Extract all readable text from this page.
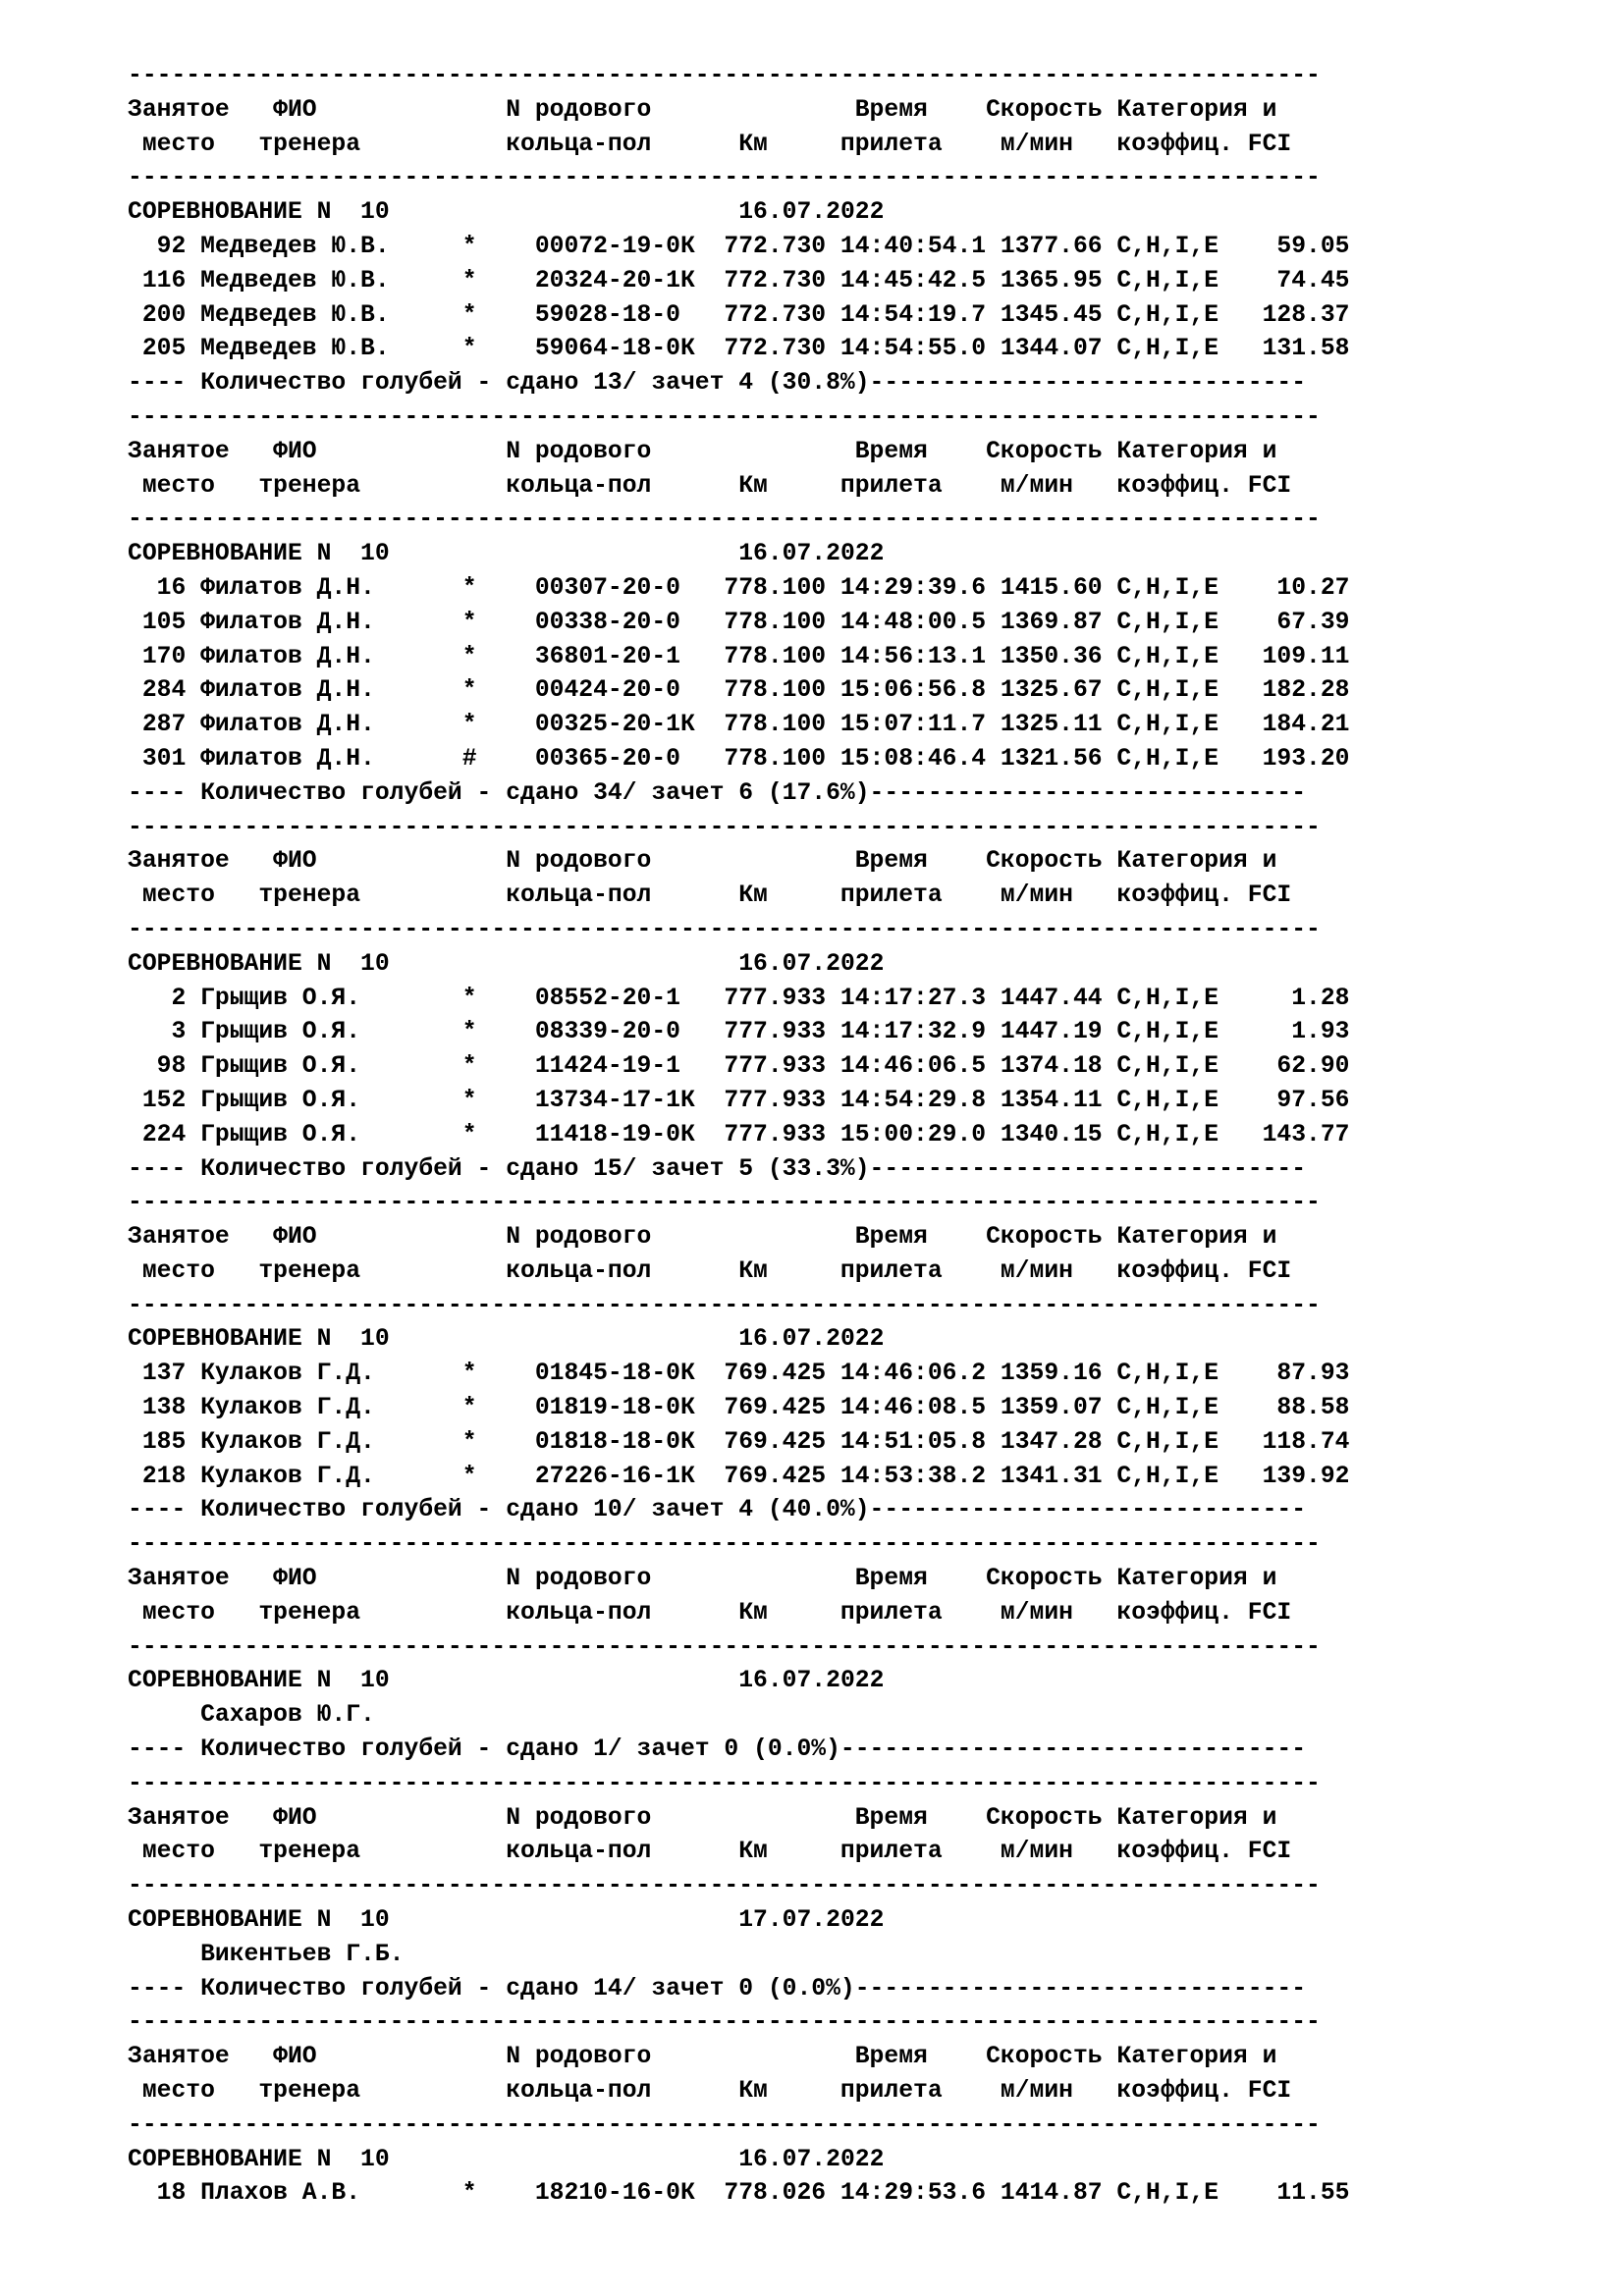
----------------------------------------------------------------------------------
Занятое   ФИО             N родового              Время    Скорость Категория и
место   тренера          кольца-пол      Км     прилета    м/мин   коэффиц. FCI
----------------------------------------------------------------------------------
СОРЕВНОВАНИЕ N  10                        16.07.2022
92 Медведев Ю.В.     *    00072-19-0К  772.730 14:40:54.1 1377.66 C,H,I,E    59.05
116 Медведев Ю.В.     *    20324-20-1К  772.730 14:45:42.5 1365.95 C,H,I,E    74.45
200 Медведев Ю.В.     *    59028-18-0   772.730 14:54:19.7 1345.45 C,H,I,E   128.37
205 Медведев Ю.В.     *    59064-18-0К  772.730 14:54:55.0 1344.07 C,H,I,E   131.58
---- Количество голубей - сдано 13/ зачет 4 (30.8%)------------------------------
----------------------------------------------------------------------------------
Занятое   ФИО             N родового              Время    Скорость Категория и
место   тренера          кольца-пол      Км     прилета    м/мин   коэффиц. FCI
----------------------------------------------------------------------------------
СОРЕВНОВАНИЕ N  10                        16.07.2022
16 Филатов Д.Н.      *    00307-20-0   778.100 14:29:39.6 1415.60 C,H,I,E    10.27
105 Филатов Д.Н.      *    00338-20-0   778.100 14:48:00.5 1369.87 C,H,I,E    67.39
170 Филатов Д.Н.      *    36801-20-1   778.100 14:56:13.1 1350.36 C,H,I,E   109.11
284 Филатов Д.Н.      *    00424-20-0   778.100 15:06:56.8 1325.67 C,H,I,E   182.28
287 Филатов Д.Н.      *    00325-20-1К  778.100 15:07:11.7 1325.11 C,H,I,E   184.21
301 Филатов Д.Н.      #    00365-20-0   778.100 15:08:46.4 1321.56 C,H,I,E   193.20
---- Количество голубей - сдано 34/ зачет 6 (17.6%)------------------------------
----------------------------------------------------------------------------------
Занятое   ФИО             N родового              Время    Скорость Категория и
место   тренера          кольца-пол      Км     прилета    м/мин   коэффиц. FCI
----------------------------------------------------------------------------------
СОРЕВНОВАНИЕ N  10                        16.07.2022
2 Грыщив О.Я.       *    08552-20-1   777.933 14:17:27.3 1447.44 C,H,I,E     1.28
3 Грыщив О.Я.       *    08339-20-0   777.933 14:17:32.9 1447.19 C,H,I,E     1.93
98 Грыщив О.Я.       *    11424-19-1   777.933 14:46:06.5 1374.18 C,H,I,E    62.90
152 Грыщив О.Я.       *    13734-17-1К  777.933 14:54:29.8 1354.11 C,H,I,E    97.56
224 Грыщив О.Я.       *    11418-19-0К  777.933 15:00:29.0 1340.15 C,H,I,E   143.77
---- Количество голубей - сдано 15/ зачет 5 (33.3%)------------------------------
----------------------------------------------------------------------------------
Занятое   ФИО             N родового              Время    Скорость Категория и
место   тренера          кольца-пол      Км     прилета    м/мин   коэффиц. FCI
----------------------------------------------------------------------------------
СОРЕВНОВАНИЕ N  10                        16.07.2022
137 Кулаков Г.Д.      *    01845-18-0К  769.425 14:46:06.2 1359.16 C,H,I,E    87.93
138 Кулаков Г.Д.      *    01819-18-0К  769.425 14:46:08.5 1359.07 C,H,I,E    88.58
185 Кулаков Г.Д.      *    01818-18-0К  769.425 14:51:05.8 1347.28 C,H,I,E   118.74
218 Кулаков Г.Д.      *    27226-16-1К  769.425 14:53:38.2 1341.31 C,H,I,E   139.92
---- Количество голубей - сдано 10/ зачет 4 (40.0%)------------------------------
----------------------------------------------------------------------------------
Занятое   ФИО             N родового              Время    Скорость Категория и
место   тренера          кольца-пол      Км     прилета    м/мин   коэффиц. FCI
----------------------------------------------------------------------------------
СОРЕВНОВАНИЕ N  10                        16.07.2022
Сахаров Ю.Г.
---- Количество голубей - сдано 1/ зачет 0 (0.0%)--------------------------------
----------------------------------------------------------------------------------
Занятое   ФИО             N родового              Время    Скорость Категория и
место   тренера          кольца-пол      Км     прилета    м/мин   коэффиц. FCI
----------------------------------------------------------------------------------
СОРЕВНОВАНИЕ N  10                        17.07.2022
Викентьев Г.Б.
---- Количество голубей - сдано 14/ зачет 0 (0.0%)-------------------------------
----------------------------------------------------------------------------------
Занятое   ФИО             N родового              Время    Скорость Категория и
место   тренера          кольца-пол      Км     прилета    м/мин   коэффиц. FCI
----------------------------------------------------------------------------------
СОРЕВНОВАНИЕ N  10                        16.07.2022
18 Плахов А.В.       *    18210-16-0К  778.026 14:29:53.6 1414.87 C,H,I,E    11.55
